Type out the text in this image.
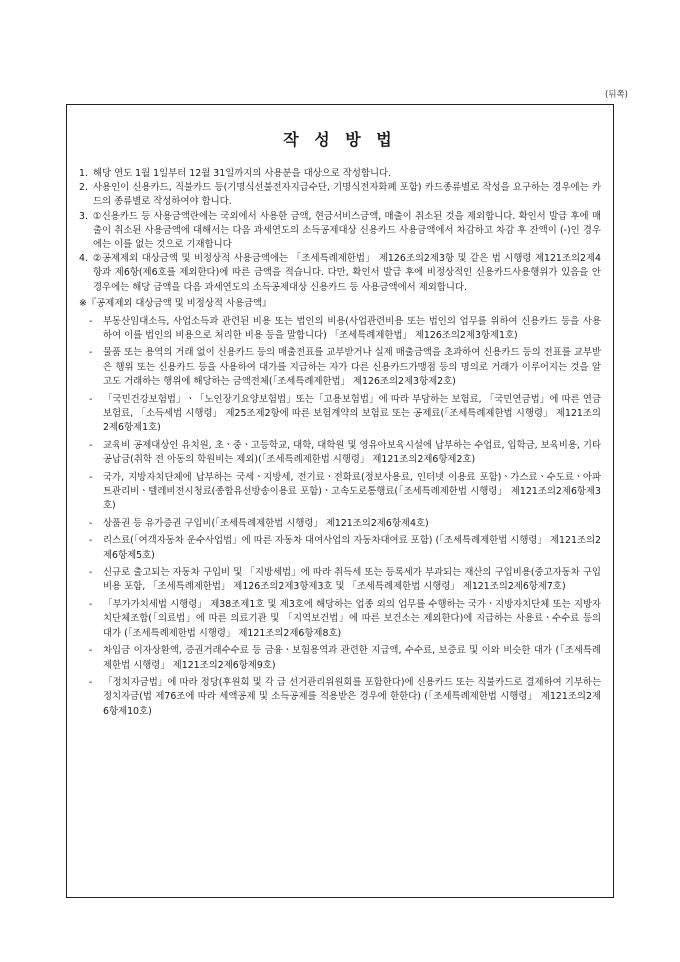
(뒤쪽)
작 성 방 법
1. 해당 연도 1월 1일부터 12월 31일까지의 사용분을 대상으로 작성합니다.
2. 사용인이 신용카드, 직불카드 등(기명식선불전자지급수단, 기명식전자화폐 포함) 카드종류별로 작성을 요구하는 경우에는 카드의 종류별로 작성하여야 합니다.
3. ①신용카드 등 사용금액란에는 국외에서 사용한 금액, 현금서비스금액, 매출이 취소된 것을 제외합니다. 확인서 발급 후에 매출이 취소된 사용금액에 대해서는 다음 과세연도의 소득공제대상 신용카드 사용금액에서 차감하고 차감 후 잔액이 (-)인 경우에는 이를 없는 것으로 기재합니다
4. ②공제제외 대상금액 및 비정상적 사용금액에는 「조세특례제한법」 제126조의2제3항 및 같은 법 시행령 제121조의2제4항과 제6항(제6호를 제외한다)에 따른 금액을 적습니다. 다만, 확인서 발급 후에 비정상적인 신용카드사용행위가 있음을 안 경우에는 해당 금액을 다음 과세연도의 소득공제대상 신용카드 등 사용금액에서 제외합니다.
※『공제제외 대상금액 및 비정상적 사용금액』
-	부동산임대소득, 사업소득과 관련된 비용 또는 법인의 비용(사업관련비용 또는 법인의 업무를 위하여 신용카드 등을 사용하여 이를 법인의 비용으로 처리한 비용 등을 말합니다) 「조세특례제한법」 제126조의2제3항제1호)
-	물품 또는 용역의 거래 없이 신용카드 등의 매출전표를 교부받거나 실제 매출금액을 초과하여 신용카드 등의 전표를 교부받은 행위 또는 신용카드 등을 사용하여 대가를 지급하는 자가 다른 신용카드가맹점 등의 명의로 거래가 이루어지는 것을 알고도 거래하는 행위에 해당하는 금액전체(「조세특례제한법」 제126조의2제3항제2호)
-	「국민건강보험법」ㆍ「노인장기요양보험법」또는「고용보험법」에 따라 부담하는 보험료, 「국민연금법」에 따른 연금보험료, 「소득세법 시행령」 제25조제2항에 따른 보험계약의 보험료 또는 공제료(「조세특례제한법 시행령」 제121조의2제6항제1호)
-	교육비 공제대상인 유치원, 초ㆍ중ㆍ고등학교, 대학, 대학원 및 영유아보육시설에 납부하는 수업료, 입학금, 보육비용, 기타 공납금(취학 전 아동의 학원비는 제외)(「조세특례제한법 시행령」 제121조의2제6항제2호)
-	국가, 지방자치단체에 납부하는 국세ㆍ지방세, 전기료ㆍ전화료(정보사용료, 인터넷 이용료 포함)ㆍ가스료ㆍ수도료ㆍ아파트관리비ㆍ텔레비전시청료(종합유선방송이용료 포함)ㆍ고속도로통행료(「조세특례제한법 시행령」 제121조의2제6항제3호)
-	상품권 등 유가증권 구입비(「조세특례제한법 시행령」 제121조의2제6항제4호)
-	리스료(「여객자동차 운수사업법」에 따른 자동차 대여사업의 자동차대여료 포함) (「조세특례제한법 시행령」 제121조의2제6항제5호)
-	신규로 출고되는 자동차 구입비 및 「지방세법」에 따라 취득세 또는 등록세가 부과되는 재산의 구입비용(중고자동차 구입비용 포함, 「조세특례제한법」 제126조의2제3항제3호 및 「조세특례제한법 시행령」 제121조의2제6항제7호)
-	「부가가치세법 시행령」 제38조제1호 및 제3호에 해당하는 업종 외의 업무를 수행하는 국가ㆍ지방자치단체 또는 지방자치단체조합(「의료법」에 따른 의료기관 및 「지역보건법」에 따른 보건소는 제외한다)에 지급하는 사용료ㆍ수수료 등의 대가 (「조세특례제한법 시행령」 제121조의2제6항제8호)
-	차입금 이자상환액, 증권거래수수료 등 금융ㆍ보험용역과 관련한 지급액, 수수료, 보증료 및 이와 비슷한 대가 (「조세특례제한법 시행령」 제121조의2제6항제9호)
-	「정치자금법」에 따라 정당(후원회 및 각 급 선거관리위원회를 포함한다)에 신용카드 또는 직불카드로 결제하여 기부하는 정치자금(법 제76조에 따라 세액공제 및 소득공제를 적용받은 경우에 한한다) (「조세특례제한법 시행령」 제121조의2제6항제10호)
